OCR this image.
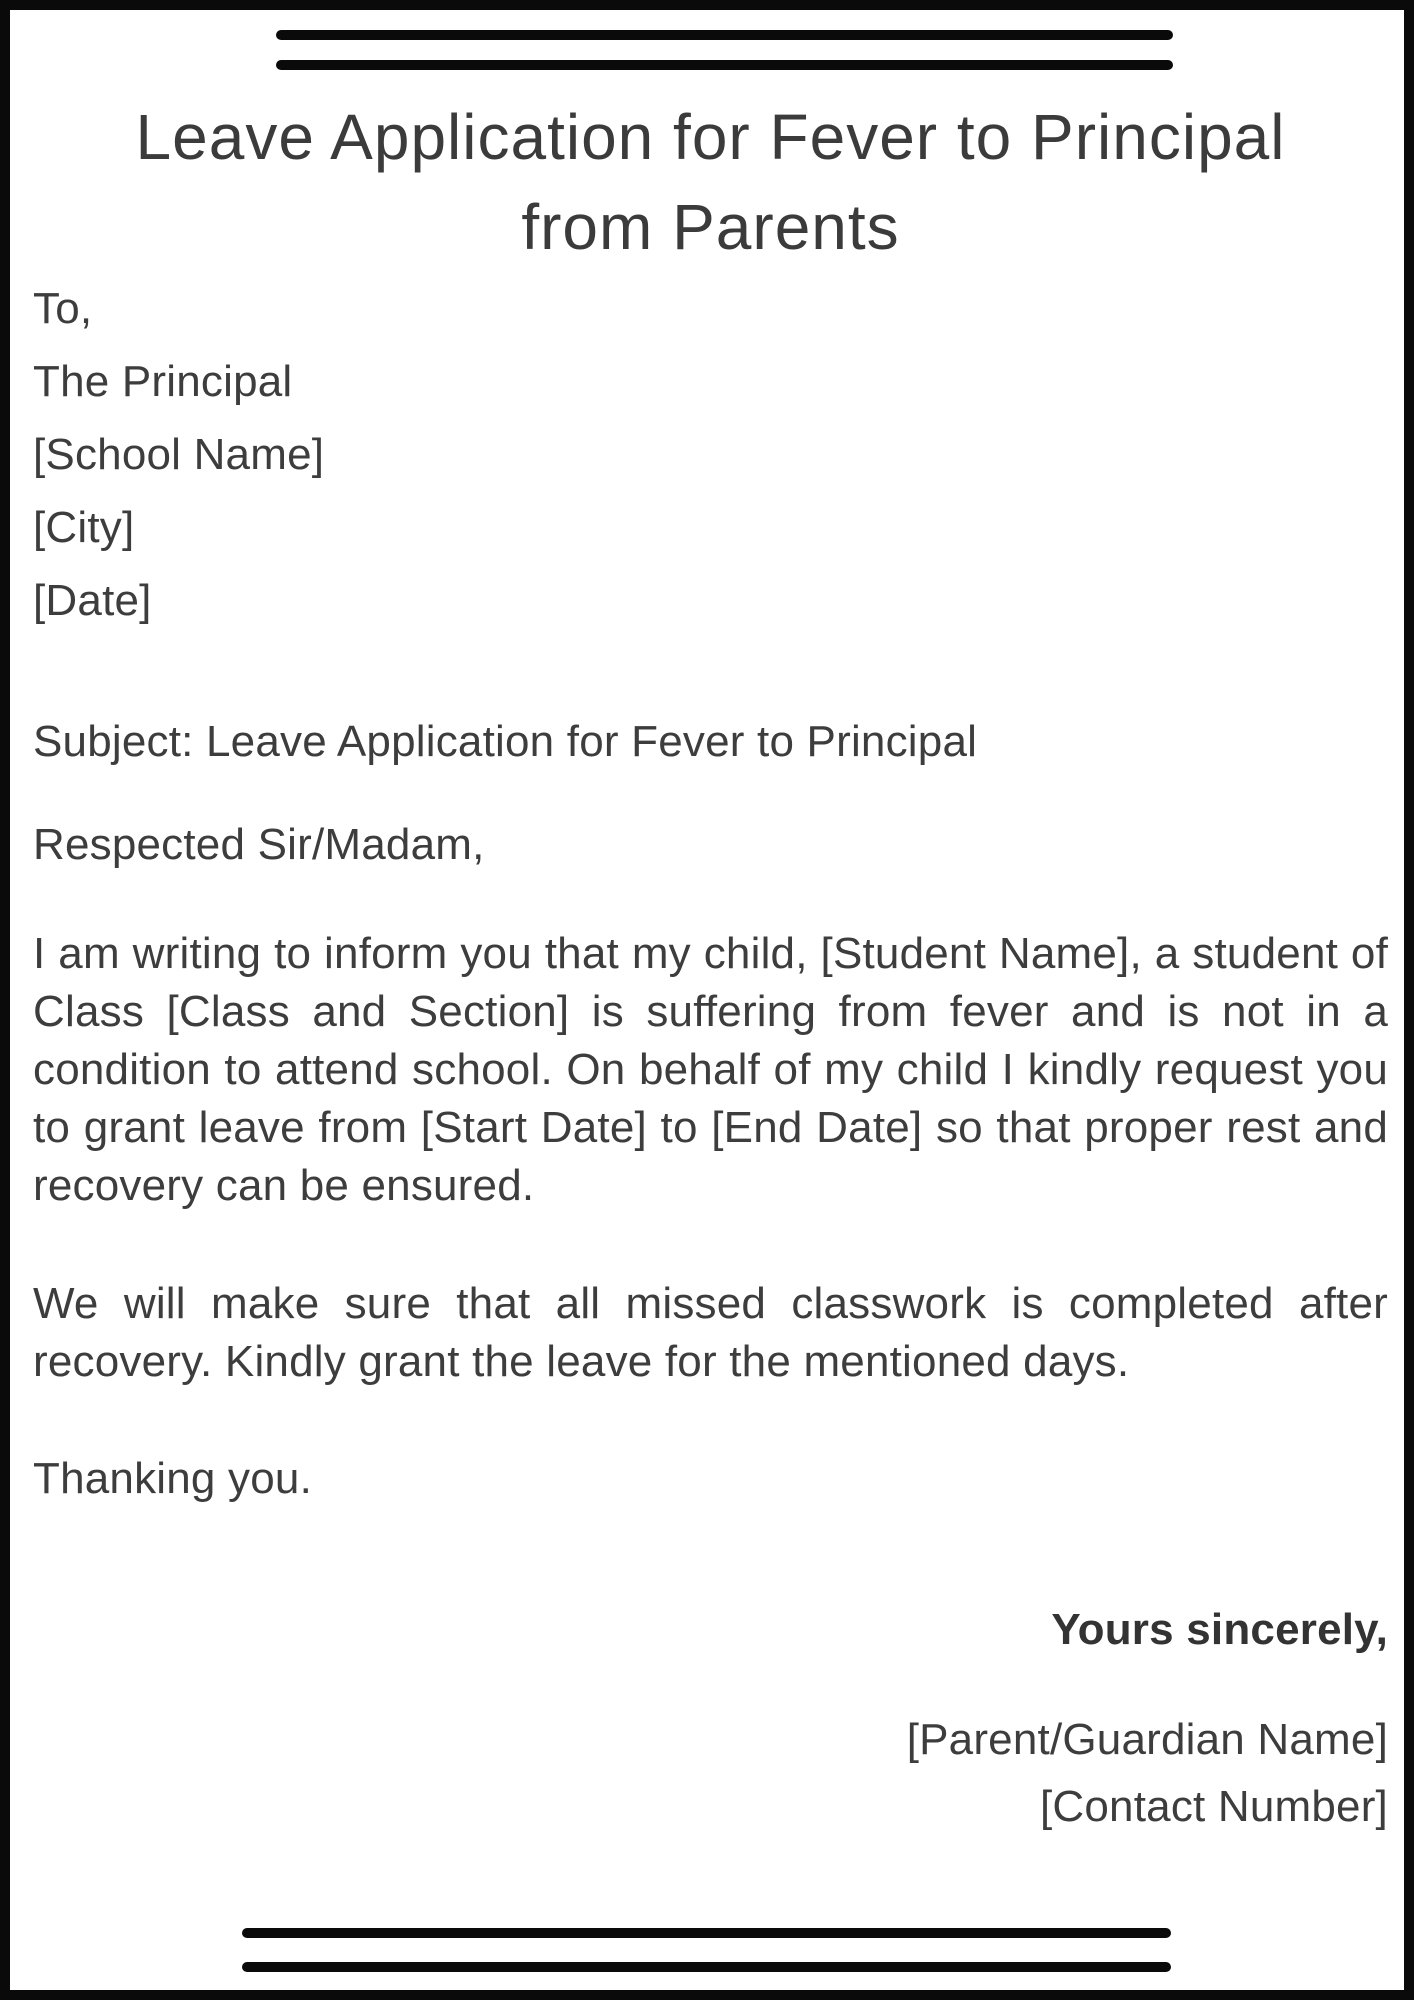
Leave Application for Fever to Principal
from Parents

To,

The Principal

[School Name]

[City]

[Date]

Subject: Leave Application for Fever to Principal

Respected Sir/Madam,

I am writing to inform you that my child, [Student Name], a student of Class [Class and Section] is suffering from fever and is not in a condition to attend school. On behalf of my child I kindly request you to grant leave from [Start Date] to [End Date] so that proper rest and recovery can be ensured.

We will make sure that all missed classwork is completed after recovery. Kindly grant the leave for the mentioned days.

Thanking you.

Yours sincerely,

[Parent/Guardian Name]

[Contact Number]
